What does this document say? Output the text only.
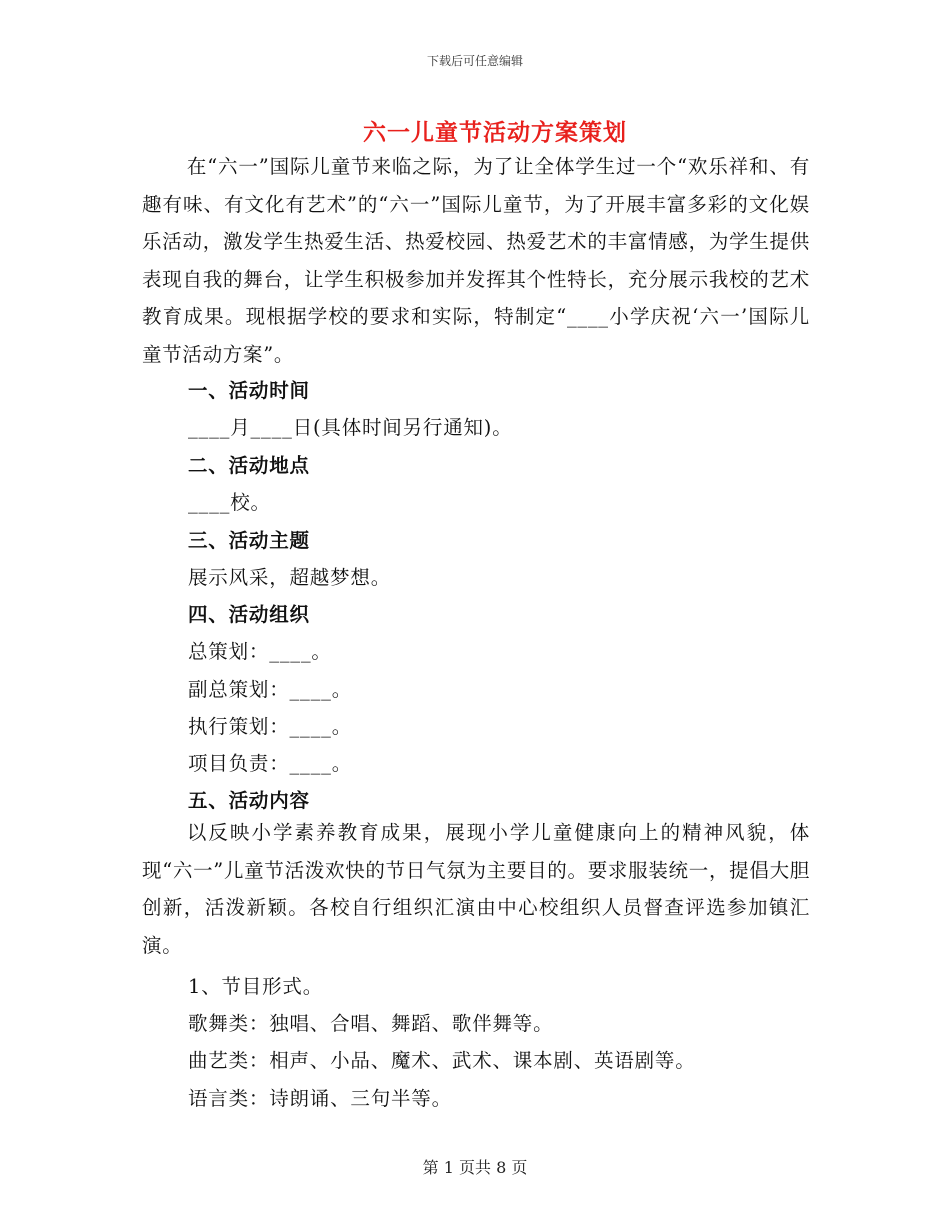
下载后可任意编辑
六一儿童节活动方案策划

在“六一”国际儿童节来临之际，为了让全体学生过一个“欢乐祥和、有趣有味、有文化有艺术”的“六一”国际儿童节，为了开展丰富多彩的文化娱乐活动，激发学生热爱生活、热爱校园、热爱艺术的丰富情感，为学生提供表现自我的舞台，让学生积极参加并发挥其个性特长，充分展示我校的艺术教育成果。现根据学校的要求和实际，特制定“____小学庆祝‘六一’国际儿童节活动方案”。

一、活动时间
____月____日(具体时间另行通知)。
二、活动地点
____校。
三、活动主题
展示风采，超越梦想。
四、活动组织
总策划：____。
副总策划：____。
执行策划：____。
项目负责：____。
五、活动内容

以反映小学素养教育成果，展现小学儿童健康向上的精神风貌，体现“六一”儿童节活泼欢快的节日气氛为主要目的。要求服装统一，提倡大胆创新，活泼新颖。各校自行组织汇演由中心校组织人员督查评选参加镇汇演。

1、节目形式。
歌舞类：独唱、合唱、舞蹈、歌伴舞等。
曲艺类：相声、小品、魔术、武术、课本剧、英语剧等。
语言类：诗朗诵、三句半等。
第 1 页共 8 页
